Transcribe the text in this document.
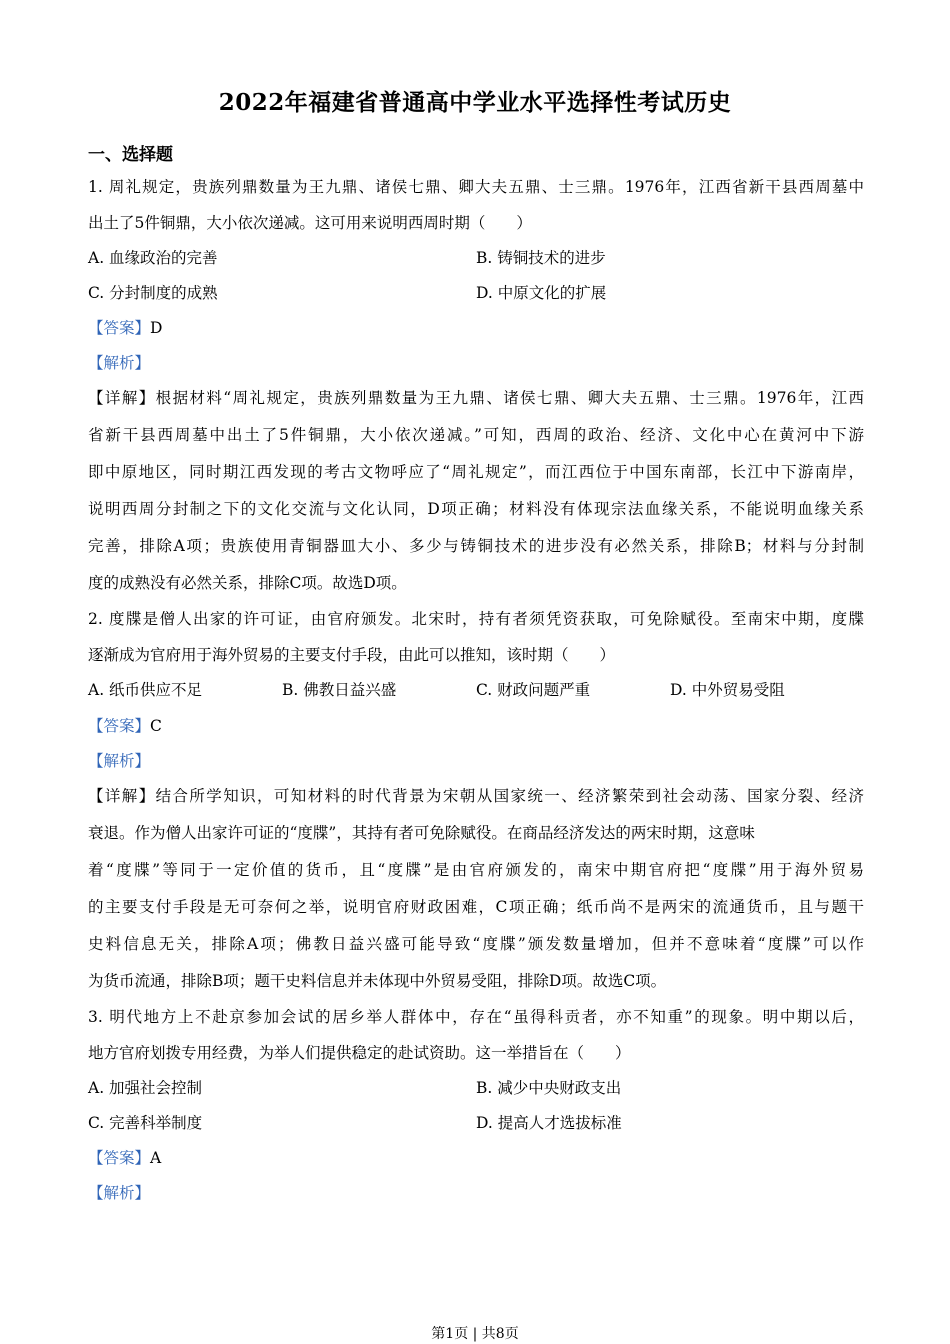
2022年福建省普通高中学业水平选择性考试历史
一、选择题
1. 周礼规定，贵族列鼎数量为王九鼎、诸侯七鼎、卿大夫五鼎、士三鼎。1976年，江西省新干县西周墓中
出土了5件铜鼎，大小依次递减。这可用来说明西周时期（　　）
A. 血缘政治的完善	B. 铸铜技术的进步
C. 分封制度的成熟	D. 中原文化的扩展
【答案】D
【解析】
【详解】根据材料“周礼规定，贵族列鼎数量为王九鼎、诸侯七鼎、卿大夫五鼎、士三鼎。1976年，江西
省新干县西周墓中出土了5件铜鼎，大小依次递减。”可知，西周的政治、经济、文化中心在黄河中下游
即中原地区，同时期江西发现的考古文物呼应了“周礼规定”，而江西位于中国东南部，长江中下游南岸，
说明西周分封制之下的文化交流与文化认同，D项正确；材料没有体现宗法血缘关系，不能说明血缘关系
完善，排除A项；贵族使用青铜器皿大小、多少与铸铜技术的进步没有必然关系，排除B；材料与分封制
度的成熟没有必然关系，排除C项。故选D项。
2. 度牒是僧人出家的许可证，由官府颁发。北宋时，持有者须凭资获取，可免除赋役。至南宋中期，度牒
逐渐成为官府用于海外贸易的主要支付手段，由此可以推知，该时期（　　）
A. 纸币供应不足	B. 佛教日益兴盛	C. 财政问题严重	D. 中外贸易受阻
【答案】C
【解析】
【详解】结合所学知识，可知材料的时代背景为宋朝从国家统一、经济繁荣到社会动荡、国家分裂、经济
衰退。作为僧人出家许可证的“度牒”，其持有者可免除赋役。在商品经济发达的两宋时期，这意味
着“度牒”等同于一定价值的货币，且“度牒”是由官府颁发的，南宋中期官府把“度牒”用于海外贸易
的主要支付手段是无可奈何之举，说明官府财政困难，C项正确；纸币尚不是两宋的流通货币，且与题干
史料信息无关，排除A项；佛教日益兴盛可能导致“度牒”颁发数量增加，但并不意味着“度牒”可以作
为货币流通，排除B项；题干史料信息并未体现中外贸易受阻，排除D项。故选C项。
3. 明代地方上不赴京参加会试的居乡举人群体中，存在“虽得科贡者，亦不知重”的现象。明中期以后，
地方官府划拨专用经费，为举人们提供稳定的赴试资助。这一举措旨在（　　）
A. 加强社会控制	B. 减少中央财政支出
C. 完善科举制度	D. 提高人才选拔标准
【答案】A
【解析】
第1页 | 共8页
